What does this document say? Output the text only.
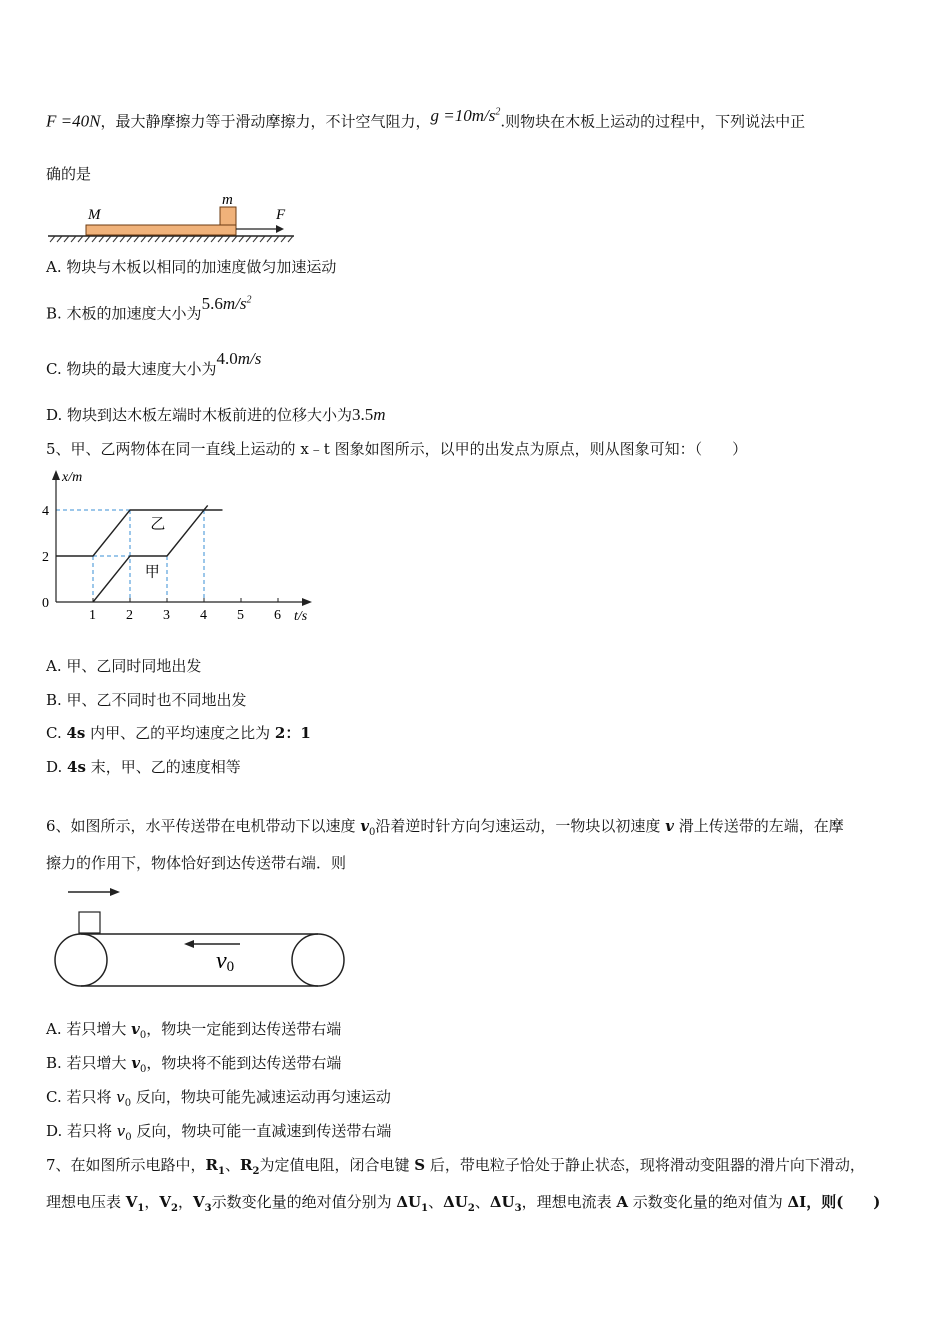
F =40N，最大静摩擦力等于滑动摩擦力，不计空气阻力，$g =10m/s^2$.则物块在木板上运动的过程中，下列说法中正
确的是
M
m
F
A. 物块与木板以相同的加速度做匀加速运动
B. 木板的加速度大小为$5.6m/s^2$
C. 物块的最大速度大小为4.0m/s
D. 物块到达木板左端时木板前进的位移大小为3.5m
5、甲、乙两物体在同一直线上运动的 x﹣t 图象如图所示，以甲的出发点为原点，则从图象可知：（　　）
1 2 3 4 5 6
4
2
0
x/m
t/s
乙
甲
A. 甲、乙同时同地出发
B. 甲、乙不同时也不同地出发
C. 4s 内甲、乙的平均速度之比为 2：1
D. 4s 末，甲、乙的速度相等
6、如图所示，水平传送带在电机带动下以速度 $v_0$沿着逆时针方向匀速运动，一物块以初速度 v 滑上传送带的左端，在摩
擦力的作用下，物体恰好到达传送带右端．则
v0
A. 若只增大 $v_0$，物块一定能到达传送带右端
B. 若只增大 $v_0$，物块将不能到达传送带右端
C. 若只将 $v_0$ 反向，物块可能先减速运动再匀速运动
D. 若只将 $v_0$ 反向，物块可能一直减速到传送带右端
7、在如图所示电路中，$R_1$、$R_2$为定值电阻，闭合电键 S 后，带电粒子恰处于静止状态，现将滑动变阻器的滑片向下滑动，
理想电压表 $V_1$，$V_2$，$V_3$示数变化量的绝对值分别为 $\Delta U_1$、$\Delta U_2$、$\Delta U_3$，理想电流表 A 示数变化量的绝对值为 ΔI，则(　　)
